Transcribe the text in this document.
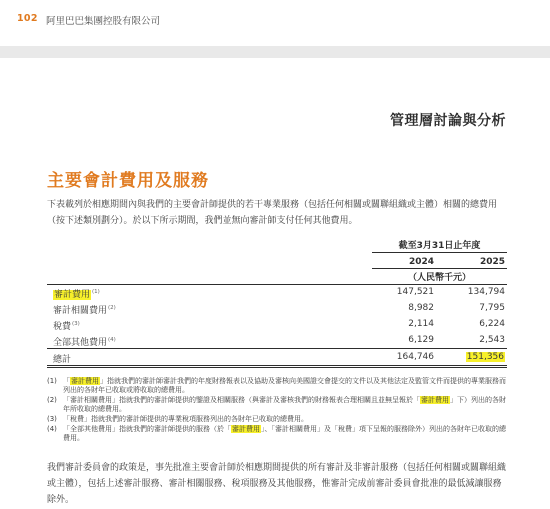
102 阿里巴巴集團控股有限公司
管理層討論與分析
主要會計費用及服務
下表載列於相應期間內與我們的主要會計師提供的若干專業服務（包括任何相關或關聯組織或主體）相關的總費用（按下述類別劃分）。於以下所示期間，我們並無向審計師支付任何其他費用。
截至3月31日止年度
2024	2025
（人民幣千元）
審計費用 $^{(1)}$	147,521	134,794
審計相關費用$^{(2)}$	8,982	7,795
稅費$^{(3)}$	2,114	6,224
全部其他費用$^{(4)}$	6,129	2,543
總計	164,746	151,356
(1) 「審計費用」指就我們的審計師審計我們的年度財務報表以及協助及審核向美國證交會提交的文件以及其他法定及監管文件而提供的專業服務而列出的各財年已收取或將收取的總費用。
(2) 「審計相關費用」指就我們的審計師提供的鑒證及相關服務（與審計及審核我們的財務報表合理相關且並無呈報於「審計費用」下）列出的各財年所收取的總費用。
(3) 「稅費」指就我們的審計師提供的專業稅項服務列出的各財年已收取的總費用。
(4) 「全部其他費用」指就我們的審計師提供的服務（於「審計費用」、「審計相關費用」及「稅費」項下呈報的服務除外）列出的各財年已收取的總費用。
我們審計委員會的政策是，事先批准主要會計師於相應期間提供的所有審計及非審計服務（包括任何相關或關聯組織或主體），包括上述審計服務、審計相關服務、稅項服務及其他服務，惟審計完成前審計委員會批准的最低減讓服務除外。
